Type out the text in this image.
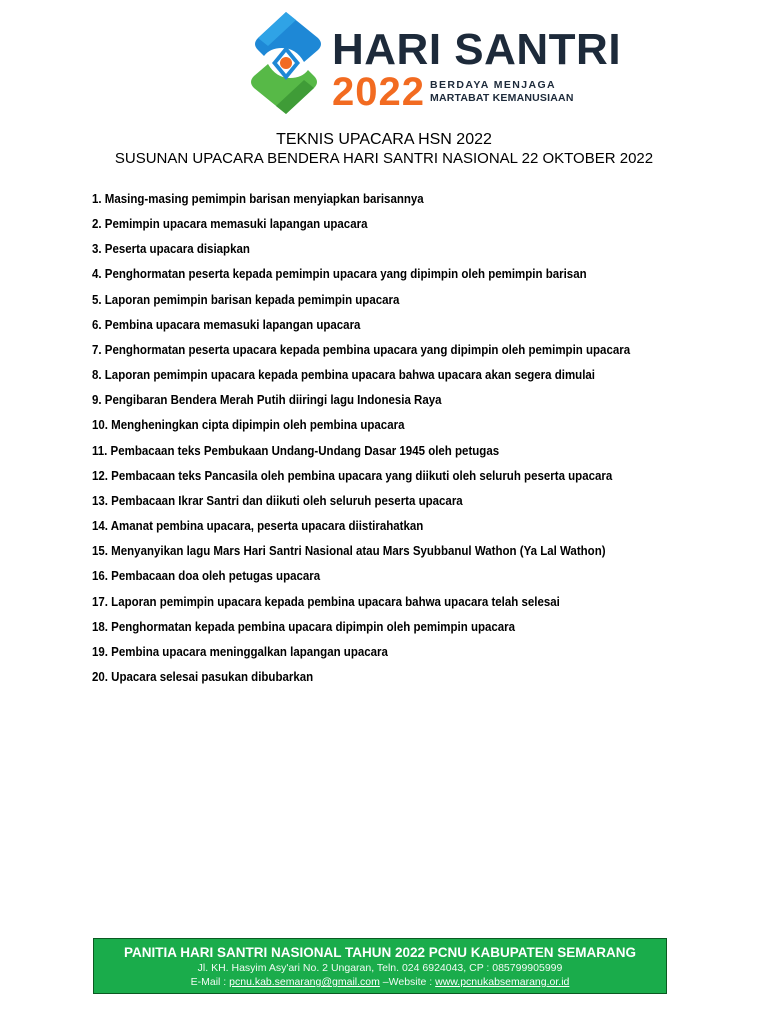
HARI SANTRI
2022 BERDAYA MENJAGA
MARTABAT KEMANUSIAAN
TEKNIS UPACARA HSN 2022
SUSUNAN UPACARA BENDERA HARI SANTRI NASIONAL 22 OKTOBER 2022
1. Masing-masing pemimpin barisan menyiapkan barisannya
2. Pemimpin upacara memasuki lapangan upacara
3. Peserta upacara disiapkan
4. Penghormatan peserta kepada pemimpin upacara yang dipimpin oleh pemimpin barisan
5. Laporan pemimpin barisan kepada pemimpin upacara
6. Pembina upacara memasuki lapangan upacara
7. Penghormatan peserta upacara kepada pembina upacara yang dipimpin oleh pemimpin upacara
8. Laporan pemimpin upacara kepada pembina upacara bahwa upacara akan segera dimulai
9. Pengibaran Bendera Merah Putih diiringi lagu Indonesia Raya
10. Mengheningkan cipta dipimpin oleh pembina upacara
11. Pembacaan teks Pembukaan Undang-Undang Dasar 1945 oleh petugas
12. Pembacaan teks Pancasila oleh pembina upacara yang diikuti oleh seluruh peserta upacara
13. Pembacaan Ikrar Santri dan diikuti oleh seluruh peserta upacara
14. Amanat pembina upacara, peserta upacara diistirahatkan
15. Menyanyikan lagu Mars Hari Santri Nasional atau Mars Syubbanul Wathon (Ya Lal Wathon)
16. Pembacaan doa oleh petugas upacara
17. Laporan pemimpin upacara kepada pembina upacara bahwa upacara telah selesai
18. Penghormatan kepada pembina upacara dipimpin oleh pemimpin upacara
19. Pembina upacara meninggalkan lapangan upacara
20. Upacara selesai pasukan dibubarkan
PANITIA HARI SANTRI NASIONAL TAHUN 2022 PCNU KABUPATEN SEMARANG
Jl. KH. Hasyim Asy'ari No. 2 Ungaran, Teln. 024 6924043, CP : 085799905999
E-Mail : pcnu.kab.semarang@gmail.com –Website : www.pcnukabsemarang.or.id
